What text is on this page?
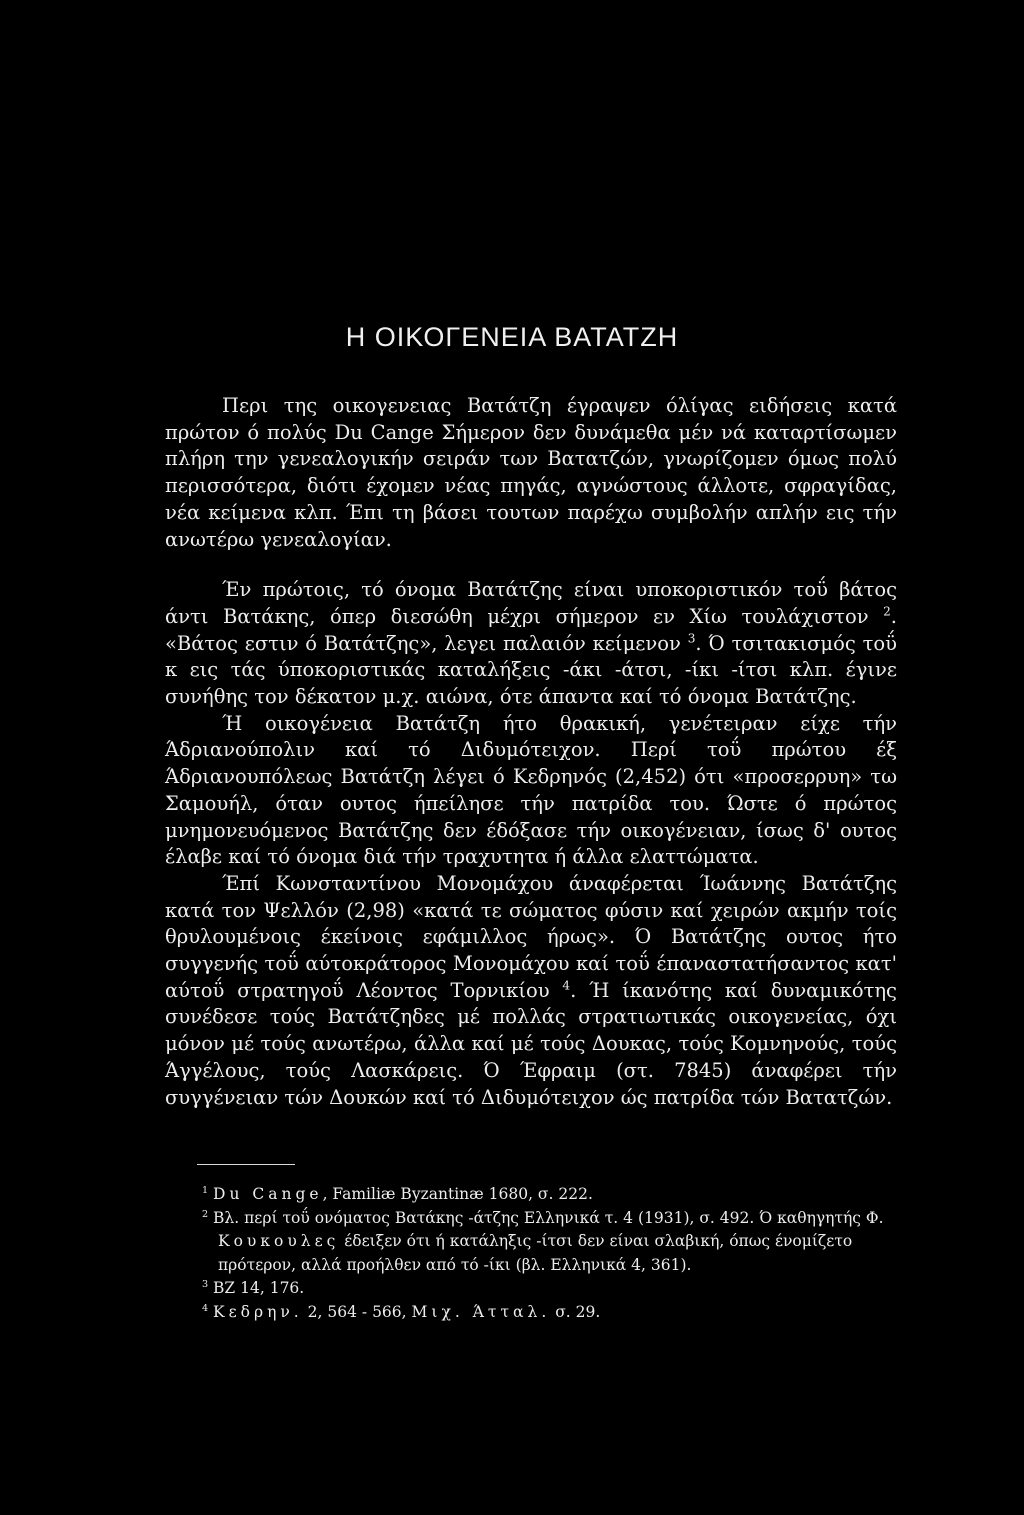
Η ΟΙΚΟΓΕΝΕΙΑ ΒΑΤΑΤΖΗ

Περι της οικογενειας Βατάτζη έγραψεν όλίγας ειδήσεις κατά πρώτον ό πολύς Du Cange Σήμερον δεν δυνάμεθα μέν νά καταρτίσωμεν πλήρη την γενεαλογικήν σειράν των Βατατζών, γνωρίζομεν όμως πολύ περισσότερα, διότι έχομεν νέας πηγάς, αγνώστους άλλοτε, σφραγίδας, νέα κείμενα κλπ. Έπι τη βάσει τουτων παρέχω συμβολήν απλήν εις τήν ανωτέρω γενεαλογίαν.

Έν πρώτοις, τό όνομα Βατάτζης είναι υποκοριστικόν τοΰ βάτος άντι Βατάκης, όπερ διεσώθη μέχρι σήμερον εν Χίω τουλάχιστον $^2$. «Βάτος εστιν ό Βατάτζης», λεγει παλαιόν κείμενον $^3$. Ό τσιτακισμός τοΰ κ εις τάς ύποκοριστικάς καταλήξεις -άκι -άτσι, -ίκι -ίτσι κλπ. έγινε συνήθης τον δέκατον μ.χ. αιώνα, ότε άπαντα καί τό όνομα Βατάτζης.

Ή οικογένεια Βατάτζη ήτο θρακική, γενέτειραν είχε τήν Άδριανούπολιν καί τό Διδυμότειχον. Περί τοΰ πρώτου έξ Άδριανουπόλεως Βατάτζη λέγει ό Κεδρηνός (2,452) ότι «προσερρυη» τω Σαμουήλ, όταν ουτος ήπείλησε τήν πατρίδα του. Ώστε ό πρώτος μνημονευόμενος Βατάτζης δεν έδόξασε τήν οικογένειαν, ίσως δ' ουτος έλαβε καί τό όνομα διά τήν τραχυτητα ή άλλα ελαττώματα.

Έπί Κωνσταντίνου Μονομάχου άναφέρεται Ίωάννης Βατάτζης κατά τον Ψελλόν (2,98) «κατά τε σώματος φύσιν καί χειρών ακμήν τοίς θρυλουμένοις έκείνοις εφάμιλλος ήρως». Ό Βατάτζης ουτος ήτο συγγενής τοΰ αύτοκράτορος Μονομάχου καί τοΰ έπαναστατήσαντος κατ' αύτοΰ στρατηγοΰ Λέοντος Τορνικίου $^4$. Ή ίκανότης καί δυναμικότης συνέδεσε τούς Βατάτζηδες μέ πολλάς στρατιωτικάς οικογενείας, όχι μόνον μέ τούς ανωτέρω, άλλα καί μέ τούς Δουκας, τούς Κομνηνούς, τούς Άγγέλους, τούς Λασκάρεις. Ό Έφραιμ (στ. 7845) άναφέρει τήν συγγένειαν τών Δουκών καί τό Διδυμότειχον ώς πατρίδα τών Βατατζών.

$^1$ Du Cange, Familiæ Byzantinæ 1680, σ. 222.

$^2$ Βλ. περί τοΰ ονόματος Βατάκης -άτζης Ελληνικά τ. 4 (1931), σ. 492. Ό καθηγητής Φ. Κουκουλες έδειξεν ότι ή κατάληξις -ίτσι δεν είναι σλαβική, όπως ένομίζετο πρότερον, αλλά προήλθεν από τό -ίκι (βλ. Ελληνικά 4, 361).

$^3$ ΒΖ 14, 176.

$^4$ Κεδρην. 2, 564 - 566, Μιχ. Άτταλ. σ. 29.
